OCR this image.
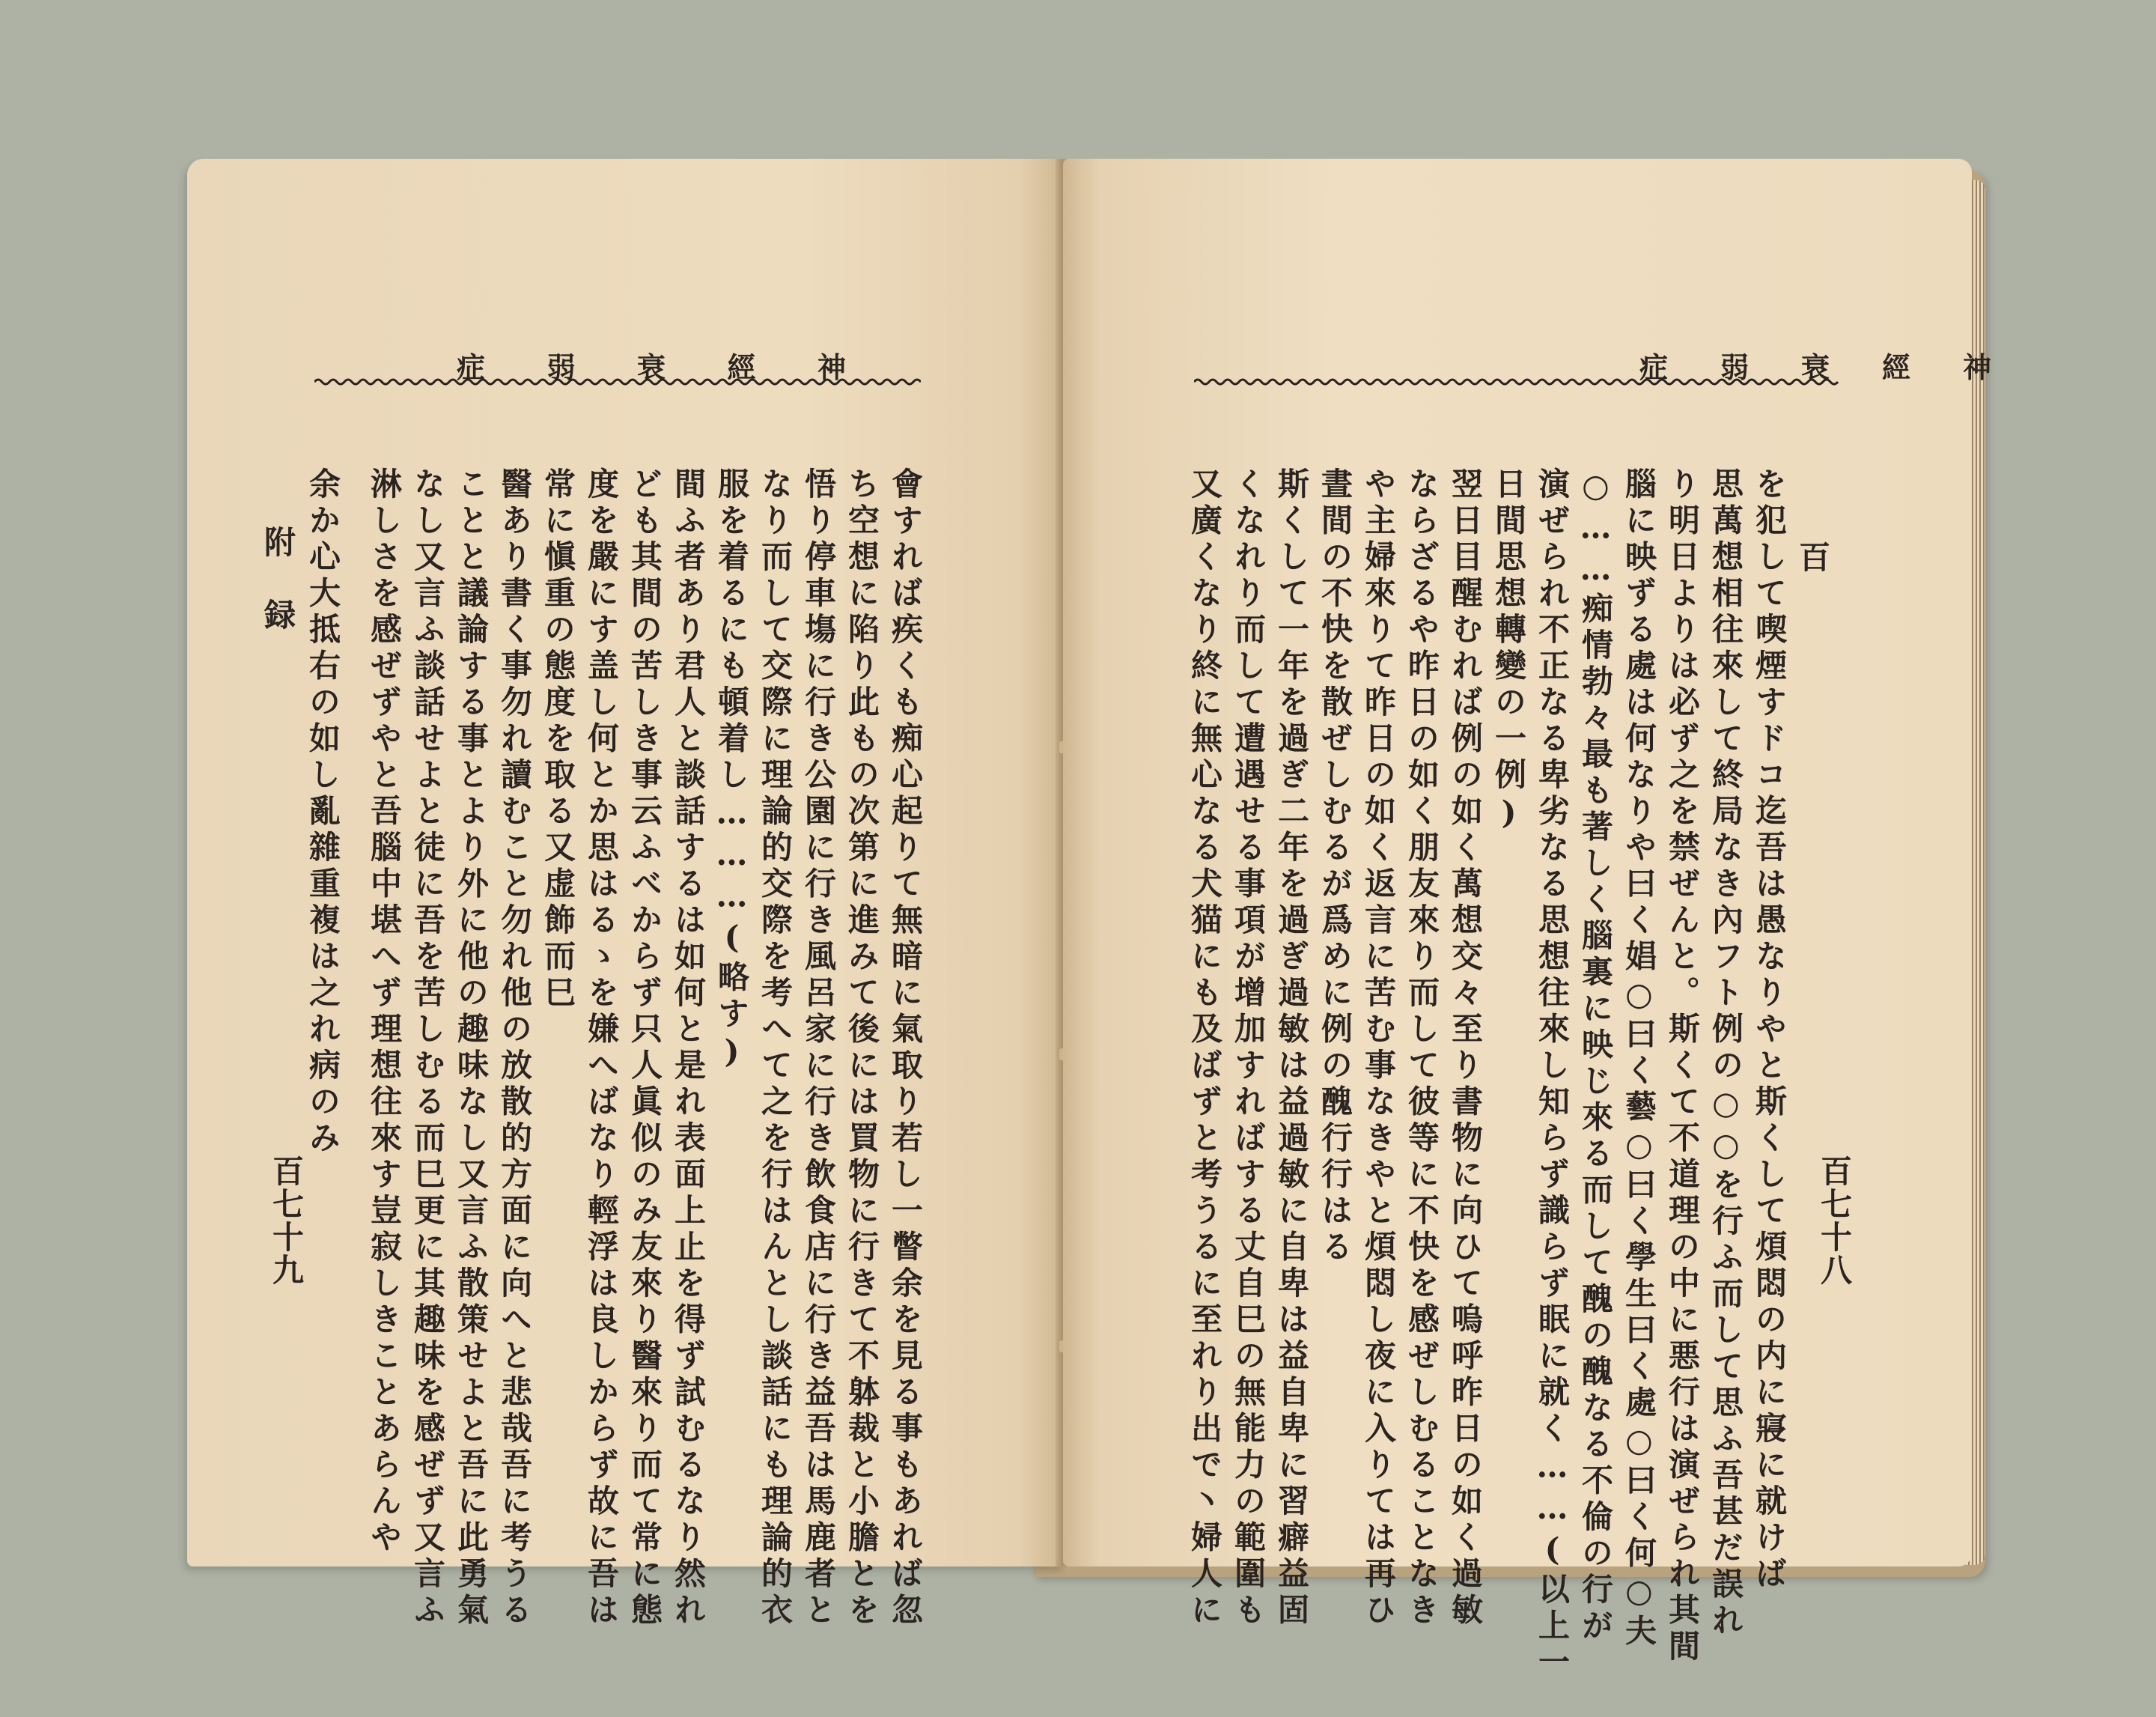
神
經
衰
弱
症
會すれば疾くも痴心起りて無暗に氣取り若し一瞥余を見る事もあれば忽
ち空想に陷り此もの次第に進みて後には買物に行きて不躰裁と小膽とを
悟り停車塲に行き公園に行き風呂家に行き飲食店に行き益吾は馬鹿者と
なり而して交際に理論的交際を考へて之を行はんとし談話にも理論的衣
服を着るにも頓着し………(略す)
間ふ者あり君人と談話するは如何と是れ表面上止を得ず試むるなり然れ
ども其間の苦しき事云ふべからず只人眞似のみ友來り醫來り而て常に態
度を嚴にす盖し何とか思はるゝを嫌へばなり輕浮は良しからず故に吾は
常に愼重の態度を取る又虚飾而巳
醫あり書く事勿れ讀むこと勿れ他の放散的方面に向へと悲哉吾に考うる
ことと議論する事とより外に他の趣味なし又言ふ散策せよと吾に此勇氣
なし又言ふ談話せよと徒に吾を苦しむる而巳更に其趣味を感ぜず又言ふ
淋しさを感ぜずやと吾腦中堪へず理想往來す豈寂しきことあらんや
余か心大抵右の如し亂雜重複は之れ病のみ
附　録
百七十九
神
經
衰
弱
症
百七十八
百
を犯して喫煙すドコ迄吾は愚なりやと斯くして煩悶の内に寢に就けば
思萬想相往來して終局なき內フト例の○○を行ふ而して思ふ吾甚だ誤れ
り明日よりは必ず之を禁ぜんと。斯くて不道理の中に悪行は演ぜられ其間
腦に映ずる處は何なりや曰く娼○曰く藝○曰く學生曰く處○曰く何○夫
○……痴情勃々最も著しく腦裏に映じ來る而して醜の醜なる不倫の行が
演ぜられ不正なる卑劣なる思想往來し知らず識らず眠に就く……(以上一
日間思想轉變の一例)
翌日目醒むれば例の如く萬想交々至り書物に向ひて嗚呼昨日の如く過敏
ならざるや昨日の如く朋友來り而して彼等に不快を感ぜしむることなき
や主婦來りて昨日の如く返言に苦む事なきやと煩悶し夜に入りては再ひ
晝間の不快を散ぜしむるが爲めに例の醜行行はる
斯くして一年を過ぎ二年を過ぎ過敏は益過敏に自卑は益自卑に習癖益固
くなれり而して遭遇せる事項が增加すればする丈自巳の無能力の範圍も
又廣くなり終に無心なる犬猫にも及ばずと考うるに至れり出で丶婦人に
